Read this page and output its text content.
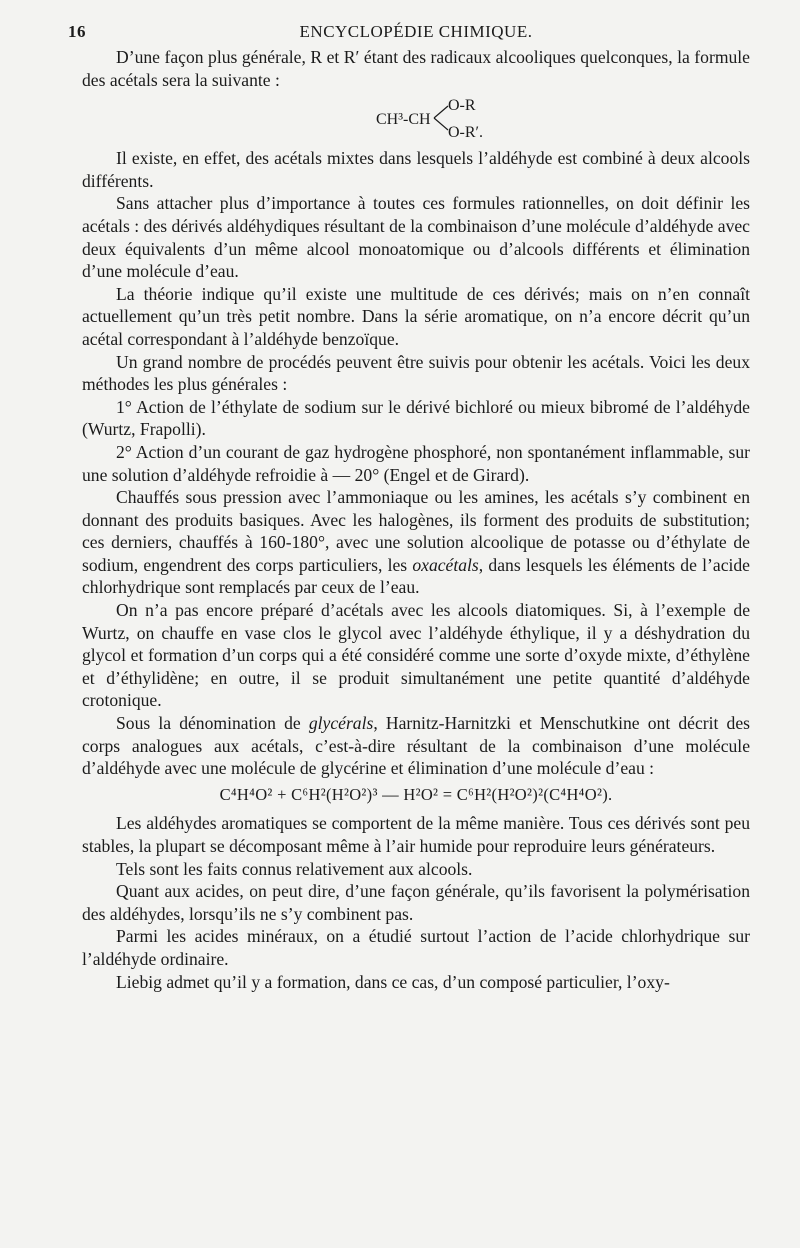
16	ENCYCLOPÉDIE CHIMIQUE.

D’une façon plus générale, R et R′ étant des radicaux alcooliques quelconques, la formule des acétals sera la suivante :

CH³-CH
O-R
O-R′.

Il existe, en effet, des acétals mixtes dans lesquels l’aldéhyde est combiné à deux alcools différents.

Sans attacher plus d’importance à toutes ces formules rationnelles, on doit définir les acétals : des dérivés aldéhydiques résultant de la combinaison d’une molécule d’aldéhyde avec deux équivalents d’un même alcool monoatomique ou d’alcools différents et élimination d’une molécule d’eau.

La théorie indique qu’il existe une multitude de ces dérivés; mais on n’en connaît actuellement qu’un très petit nombre. Dans la série aromatique, on n’a encore décrit qu’un acétal correspondant à l’aldéhyde benzoïque.

Un grand nombre de procédés peuvent être suivis pour obtenir les acétals. Voici les deux méthodes les plus générales :

1° Action de l’éthylate de sodium sur le dérivé bichloré ou mieux bibromé de l’aldéhyde (Wurtz, Frapolli).

2° Action d’un courant de gaz hydrogène phosphoré, non spontanément inflammable, sur une solution d’aldéhyde refroidie à — 20° (Engel et de Girard).

Chauffés sous pression avec l’ammoniaque ou les amines, les acétals s’y combinent en donnant des produits basiques. Avec les halogènes, ils forment des produits de substitution; ces derniers, chauffés à 160-180°, avec une solution alcoolique de potasse ou d’éthylate de sodium, engendrent des corps particuliers, les oxacétals, dans lesquels les éléments de l’acide chlorhydrique sont remplacés par ceux de l’eau.

On n’a pas encore préparé d’acétals avec les alcools diatomiques. Si, à l’exemple de Wurtz, on chauffe en vase clos le glycol avec l’aldéhyde éthylique, il y a déshydration du glycol et formation d’un corps qui a été considéré comme une sorte d’oxyde mixte, d’éthylène et d’éthylidène; en outre, il se produit simultanément une petite quantité d’aldéhyde crotonique.

Sous la dénomination de glycérals, Harnitz-Harnitzki et Menschutkine ont décrit des corps analogues aux acétals, c’est-à-dire résultant de la combinaison d’une molécule d’aldéhyde avec une molécule de glycérine et élimination d’une molécule d’eau :

C⁴H⁴O² + C⁶H²(H²O²)³ — H²O² = C⁶H²(H²O²)²(C⁴H⁴O²).

Les aldéhydes aromatiques se comportent de la même manière. Tous ces dérivés sont peu stables, la plupart se décomposant même à l’air humide pour reproduire leurs générateurs.

Tels sont les faits connus relativement aux alcools.

Quant aux acides, on peut dire, d’une façon générale, qu’ils favorisent la polymérisation des aldéhydes, lorsqu’ils ne s’y combinent pas.

Parmi les acides minéraux, on a étudié surtout l’action de l’acide chlorhydrique sur l’aldéhyde ordinaire.

Liebig admet qu’il y a formation, dans ce cas, d’un composé particulier, l’oxy-
